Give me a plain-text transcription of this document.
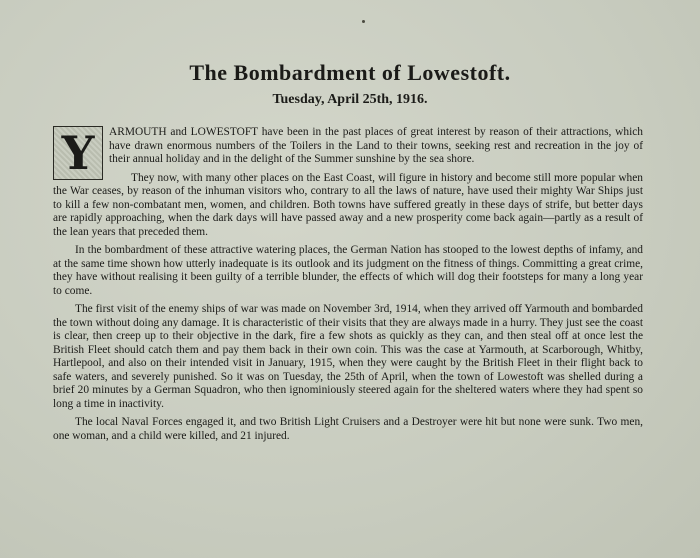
The Bombardment of Lowestoft.
Tuesday, April 25th, 1916.

Y	ARMOUTH and LOWESTOFT have been in the past places of great interest by reason of their attractions, which have drawn enormous numbers of the Toilers in the Land to their towns, seeking rest and recreation in the joy of their annual holiday and in the delight of the Summer sunshine by the sea shore.

They now, with many other places on the East Coast, will figure in history and become still more popular when the War ceases, by reason of the inhuman visitors who, contrary to all the laws of nature, have used their mighty War Ships just to kill a few non-combatant men, women, and children. Both towns have suffered greatly in these days of strife, but better days are rapidly approaching, when the dark days will have passed away and a new prosperity come back again—partly as a result of the lean years that preceded them.

In the bombardment of these attractive watering places, the German Nation has stooped to the lowest depths of infamy, and at the same time shown how utterly inadequate is its outlook and its judgment on the fitness of things. Committing a great crime, they have without realising it been guilty of a terrible blunder, the effects of which will dog their footsteps for many a long year to come.

The first visit of the enemy ships of war was made on November 3rd, 1914, when they arrived off Yarmouth and bombarded the town without doing any damage. It is characteristic of their visits that they are always made in a hurry. They just see the coast is clear, then creep up to their objective in the dark, fire a few shots as quickly as they can, and then steal off at once lest the British Fleet should catch them and pay them back in their own coin. This was the case at Yarmouth, at Scarborough, Whitby, Hartlepool, and also on their intended visit in January, 1915, when they were caught by the British Fleet in their flight back to safe waters, and severely punished. So it was on Tuesday, the 25th of April, when the town of Lowestoft was shelled during a brief 20 minutes by a German Squadron, who then ignominiously steered again for the sheltered waters where they had spent so long a time in inactivity.

The local Naval Forces engaged it, and two British Light Cruisers and a Destroyer were hit but none were sunk. Two men, one woman, and a child were killed, and 21 injured.
